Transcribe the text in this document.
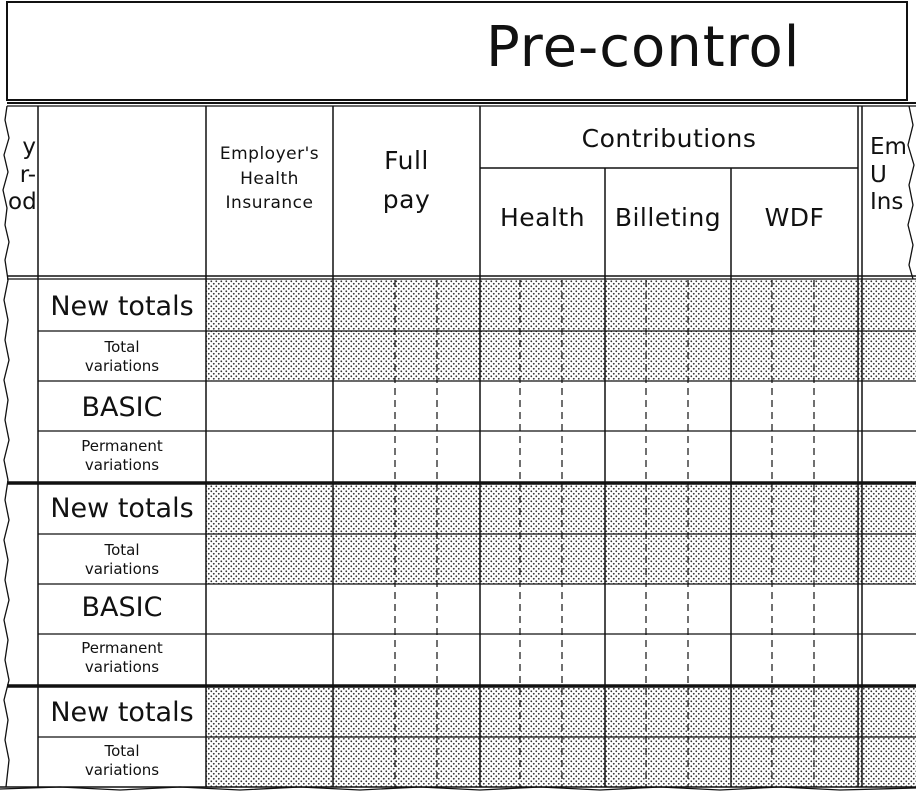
Pre-control
y
r-
od
Employer's
Health
Insurance
Full
pay
Contributions
Health	Billeting	WDF
Em
U
Ins
New totals
Total
variations
BASIC
Permanent
variations
New totals
Total
variations
BASIC
Permanent
variations
New totals
Total
variations
